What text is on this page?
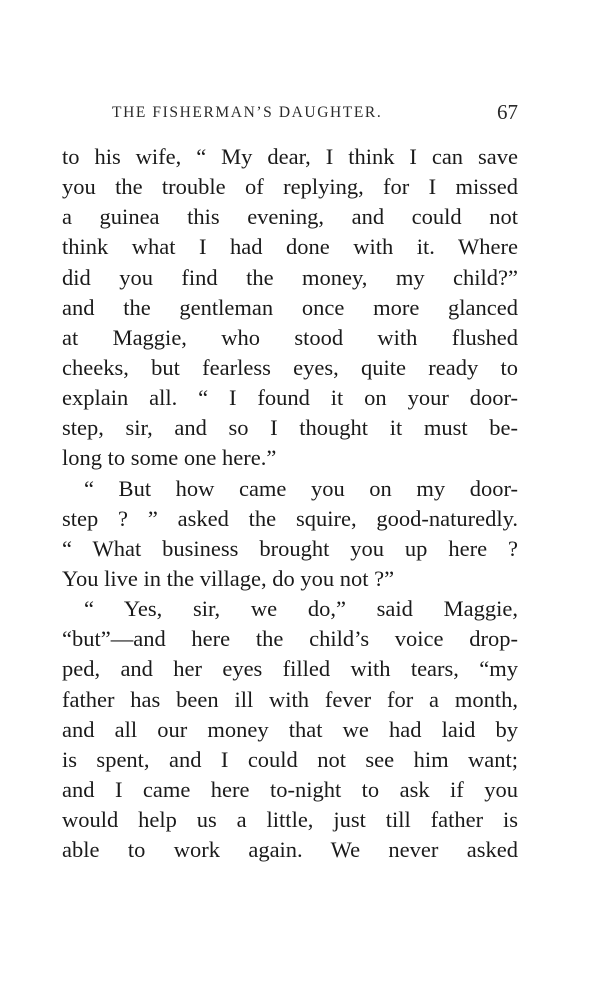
THE FISHERMAN’S DAUGHTER.	67
to his wife, “ My dear, I think I can save
you the trouble of replying, for I missed
a guinea this evening, and could not
think what I had done with it. Where
did you find the money, my child?”
and the gentleman once more glanced
at Maggie, who stood with flushed
cheeks, but fearless eyes, quite ready to
explain all. “ I found it on your door-
step, sir, and so I thought it must be-
long to some one here.”
“ But how came you on my door-
step ? ” asked the squire, good-naturedly.
“ What business brought you up here ?
You live in the village, do you not ?”
“ Yes, sir, we do,” said Maggie,
“but”—and here the child’s voice drop-
ped, and her eyes filled with tears, “my
father has been ill with fever for a month,
and all our money that we had laid by
is spent, and I could not see him want;
and I came here to-night to ask if you
would help us a little, just till father is
able to work again. We never asked
